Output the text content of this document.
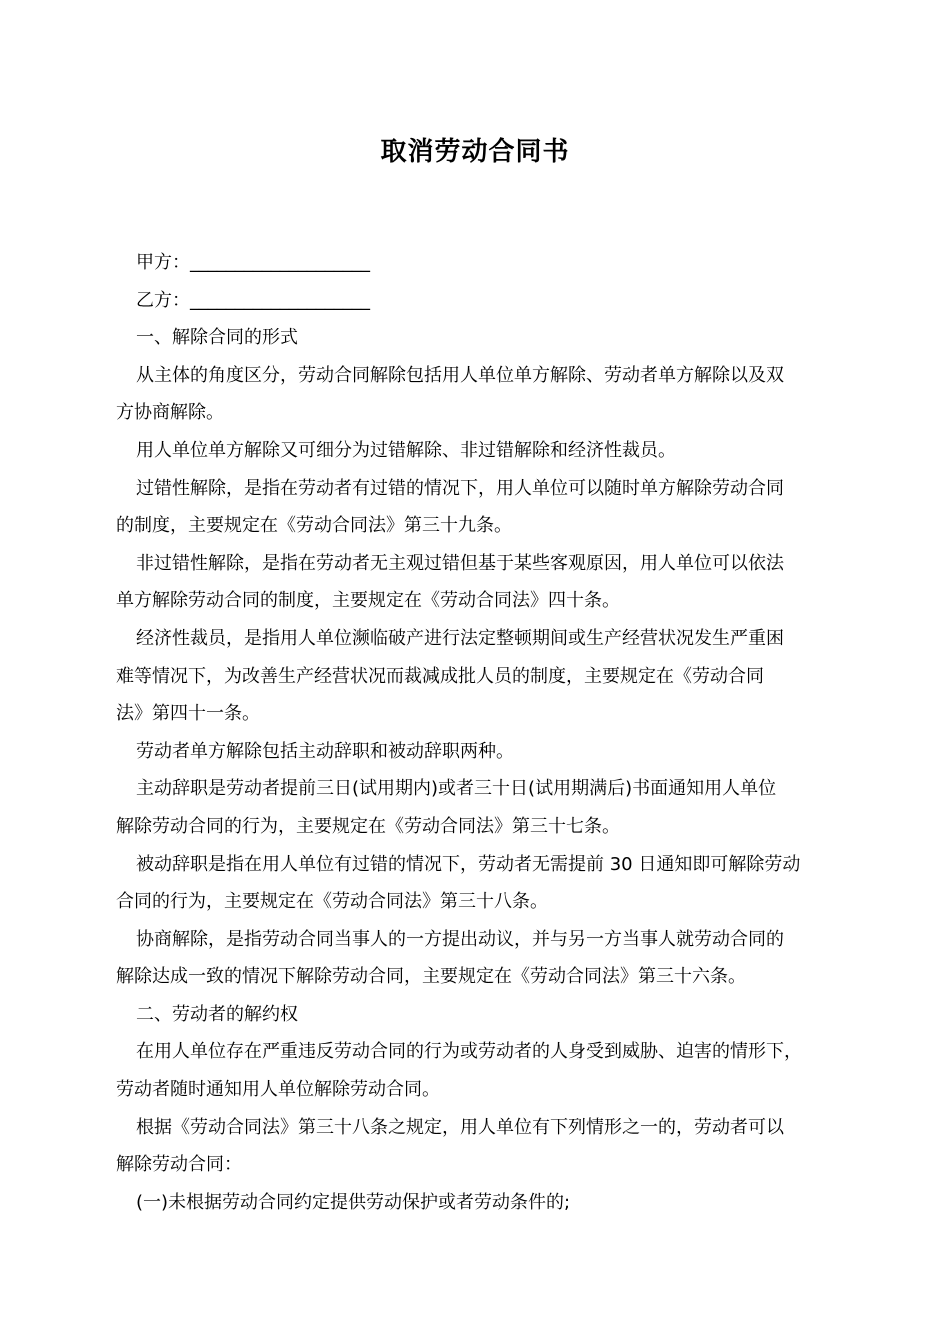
取消劳动合同书
甲方：____________________
乙方：____________________
一、解除合同的形式
从主体的角度区分，劳动合同解除包括用人单位单方解除、劳动者单方解除以及双
方协商解除。
用人单位单方解除又可细分为过错解除、非过错解除和经济性裁员。
过错性解除，是指在劳动者有过错的情况下，用人单位可以随时单方解除劳动合同
的制度，主要规定在《劳动合同法》第三十九条。
非过错性解除，是指在劳动者无主观过错但基于某些客观原因，用人单位可以依法
单方解除劳动合同的制度，主要规定在《劳动合同法》四十条。
经济性裁员，是指用人单位濒临破产进行法定整顿期间或生产经营状况发生严重困
难等情况下，为改善生产经营状况而裁减成批人员的制度，主要规定在《劳动合同
法》第四十一条。
劳动者单方解除包括主动辞职和被动辞职两种。
主动辞职是劳动者提前三日(试用期内)或者三十日(试用期满后)书面通知用人单位
解除劳动合同的行为，主要规定在《劳动合同法》第三十七条。
被动辞职是指在用人单位有过错的情况下，劳动者无需提前 30 日通知即可解除劳动
合同的行为，主要规定在《劳动合同法》第三十八条。
协商解除，是指劳动合同当事人的一方提出动议，并与另一方当事人就劳动合同的
解除达成一致的情况下解除劳动合同，主要规定在《劳动合同法》第三十六条。
二、劳动者的解约权
在用人单位存在严重违反劳动合同的行为或劳动者的人身受到威胁、迫害的情形下，
劳动者随时通知用人单位解除劳动合同。
根据《劳动合同法》第三十八条之规定，用人单位有下列情形之一的，劳动者可以
解除劳动合同：
(一)未根据劳动合同约定提供劳动保护或者劳动条件的;
